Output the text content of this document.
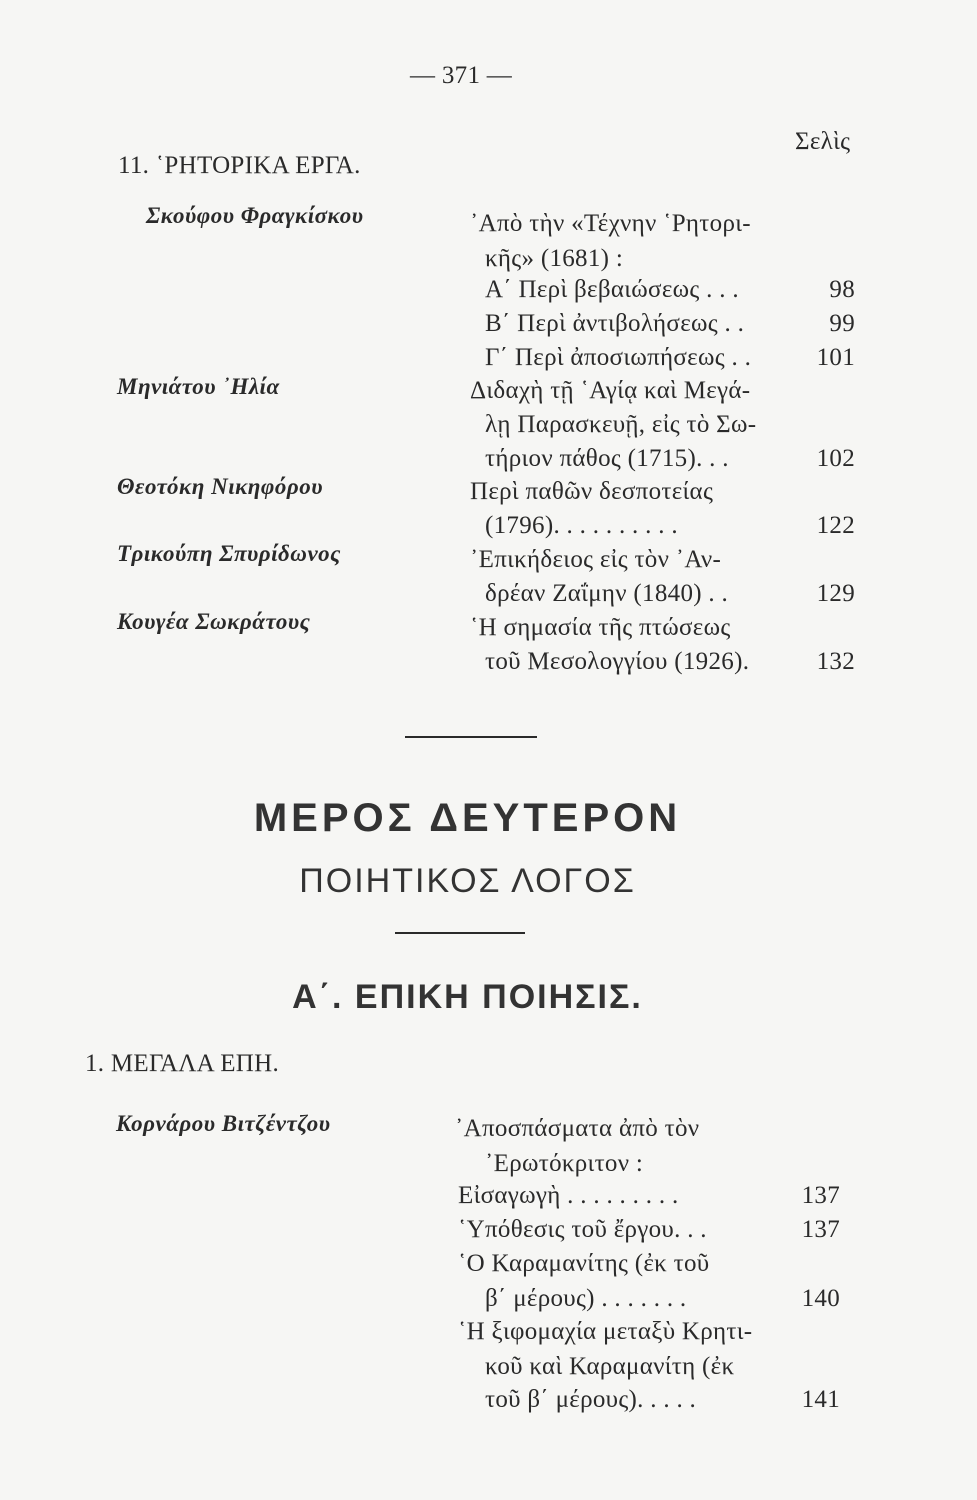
— 371 —
Σελὶς
11. ῾ΡΗΤΟΡΙΚΑ ΕΡΓΑ.
Σκούφου Φραγκίσκου	᾿Απὸ τὴν «Τέχνην ῾Ρητορι-
κῆς» (1681) :
Α΄ Περὶ βεβαιώσεως . . .	98
Β΄ Περὶ ἀντιβολήσεως . .	99
Γ΄ Περὶ ἀποσιωπήσεως . .	101
Μηνιάτου ᾿Ηλία	Διδαχὴ τῇ ῾Αγίᾳ καὶ Μεγά-
λῃ Παρασκευῇ, εἰς τὸ Σω-
τήριον πάθος (1715). . .	102
Θεοτόκη Νικηφόρου	Περὶ παθῶν δεσποτείας
(1796). . . . . . . . . .	122
Τρικούπη Σπυρίδωνος	᾿Επικήδειος εἰς τὸν ᾿Αν-
δρέαν Ζαΐμην (1840) . .	129
Κουγέα Σωκράτους	῾Η σημασία τῆς πτώσεως
τοῦ Μεσολογγίου (1926).	132
ΜΕΡΟΣ ΔΕΥΤΕΡΟΝ
ΠΟΙΗΤΙΚΟΣ ΛΟΓΟΣ
Α΄. ΕΠΙΚΗ ΠΟΙΗΣΙΣ.
1. ΜΕΓΑΛΑ ΕΠΗ.
Κορνάρου Βιτζέντζου	᾿Αποσπάσματα ἀπὸ τὸν
᾿Ερωτόκριτον :
Εἰσαγωγὴ . . . . . . . . .	137
῾Υπόθεσις τοῦ ἔργου. . .	137
῾Ο Καραμανίτης (ἐκ τοῦ
β΄ μέρους) . . . . . . .	140
῾Η ξιφομαχία μεταξὺ Κρητι-
κοῦ καὶ Καραμανίτη (ἐκ
τοῦ β΄ μέρους). . . . .	141
